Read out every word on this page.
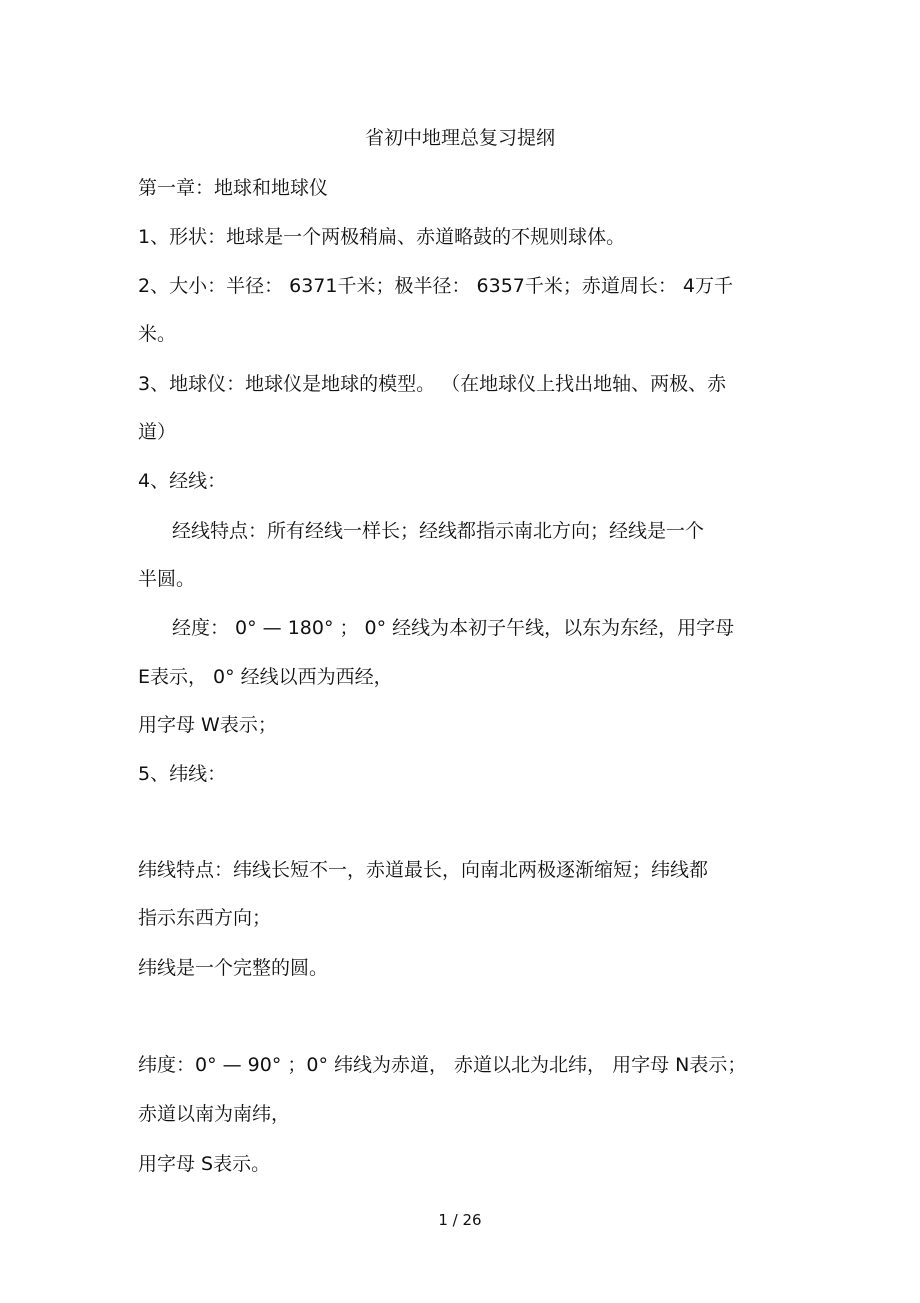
省初中地理总复习提纲
第一章：地球和地球仪
1、形状：地球是一个两极稍扁、赤道略鼓的不规则球体。
2、大小：半径： 6371千米；极半径： 6357千米；赤道周长： 4万千
米。
3、地球仪：地球仪是地球的模型。 （在地球仪上找出地轴、两极、赤
道）
4、经线：
经线特点：所有经线一样长；经线都指示南北方向；经线是一个
半圆。
经度： 0° — 180° ； 0° 经线为本初子午线，以东为东经，用字母
E表示， 0° 经线以西为西经，
用字母 W表示；
5、纬线：
纬线特点：纬线长短不一，赤道最长，向南北两极逐渐缩短；纬线都
指示东西方向；
纬线是一个完整的圆。
纬度：0° — 90° ；0° 纬线为赤道， 赤道以北为北纬， 用字母 N表示；
赤道以南为南纬，
用字母 S表示。
1 / 26
